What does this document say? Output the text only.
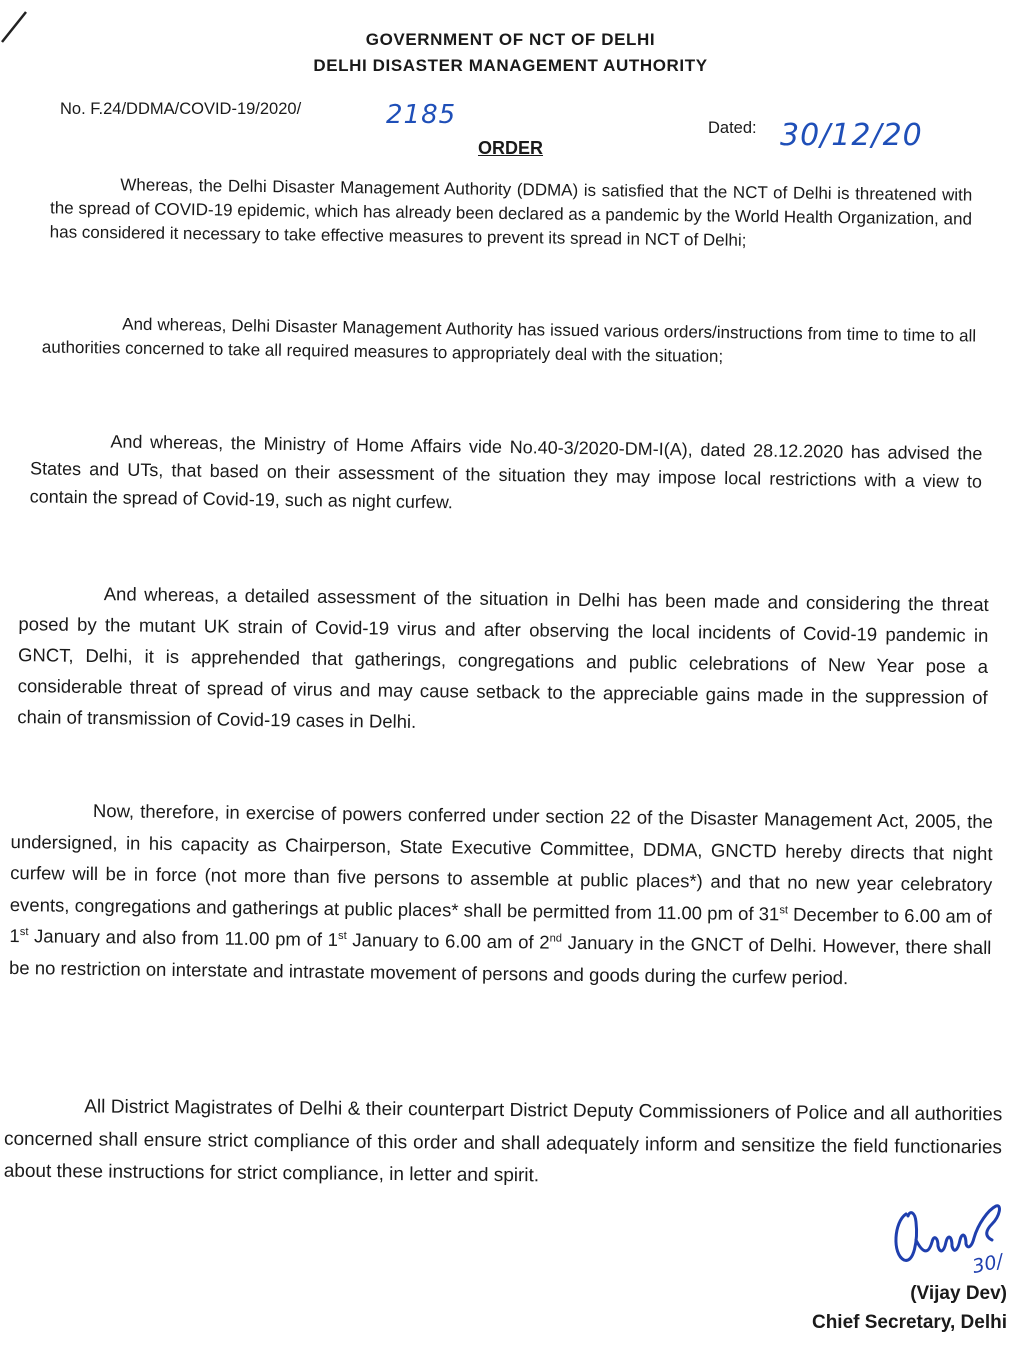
GOVERNMENT OF NCT OF DELHI
DELHI DISASTER MANAGEMENT AUTHORITY
No. F.24/DDMA/COVID-19/2020/	2185	Dated: 30/12/20
ORDER

Whereas, the Delhi Disaster Management Authority (DDMA) is satisfied that the NCT of Delhi is threatened with the spread of COVID-19 epidemic, which has already been declared as a pandemic by the World Health Organization, and has considered it necessary to take effective measures to prevent its spread in NCT of Delhi;

And whereas, Delhi Disaster Management Authority has issued various orders/instructions from time to time to all authorities concerned to take all required measures to appropriately deal with the situation;

And whereas, the Ministry of Home Affairs vide No.40-3/2020-DM-I(A), dated 28.12.2020 has advised the States and UTs, that based on their assessment of the situation they may impose local restrictions with a view to contain the spread of Covid-19, such as night curfew.

And whereas, a detailed assessment of the situation in Delhi has been made and considering the threat posed by the mutant UK strain of Covid-19 virus and after observing the local incidents of Covid-19 pandemic in GNCT, Delhi, it is apprehended that gatherings, congregations and public celebrations of New Year pose a considerable threat of spread of virus and may cause setback to the appreciable gains made in the suppression of chain of transmission of Covid-19 cases in Delhi.

Now, therefore, in exercise of powers conferred under section 22 of the Disaster Management Act, 2005, the undersigned, in his capacity as Chairperson, State Executive Committee, DDMA, GNCTD hereby directs that night curfew will be in force (not more than five persons to assemble at public places*) and that no new year celebratory events, congregations and gatherings at public places* shall be permitted from 11.00 pm of 31st December to 6.00 am of 1st January and also from 11.00 pm of 1st January to 6.00 am of 2nd January in the GNCT of Delhi. However, there shall be no restriction on interstate and intrastate movement of persons and goods during the curfew period.

All District Magistrates of Delhi & their counterpart District Deputy Commissioners of Police and all authorities concerned shall ensure strict compliance of this order and shall adequately inform and sensitize the field functionaries about these instructions for strict compliance, in letter and spirit.

30/
(Vijay Dev)
Chief Secretary, Delhi
